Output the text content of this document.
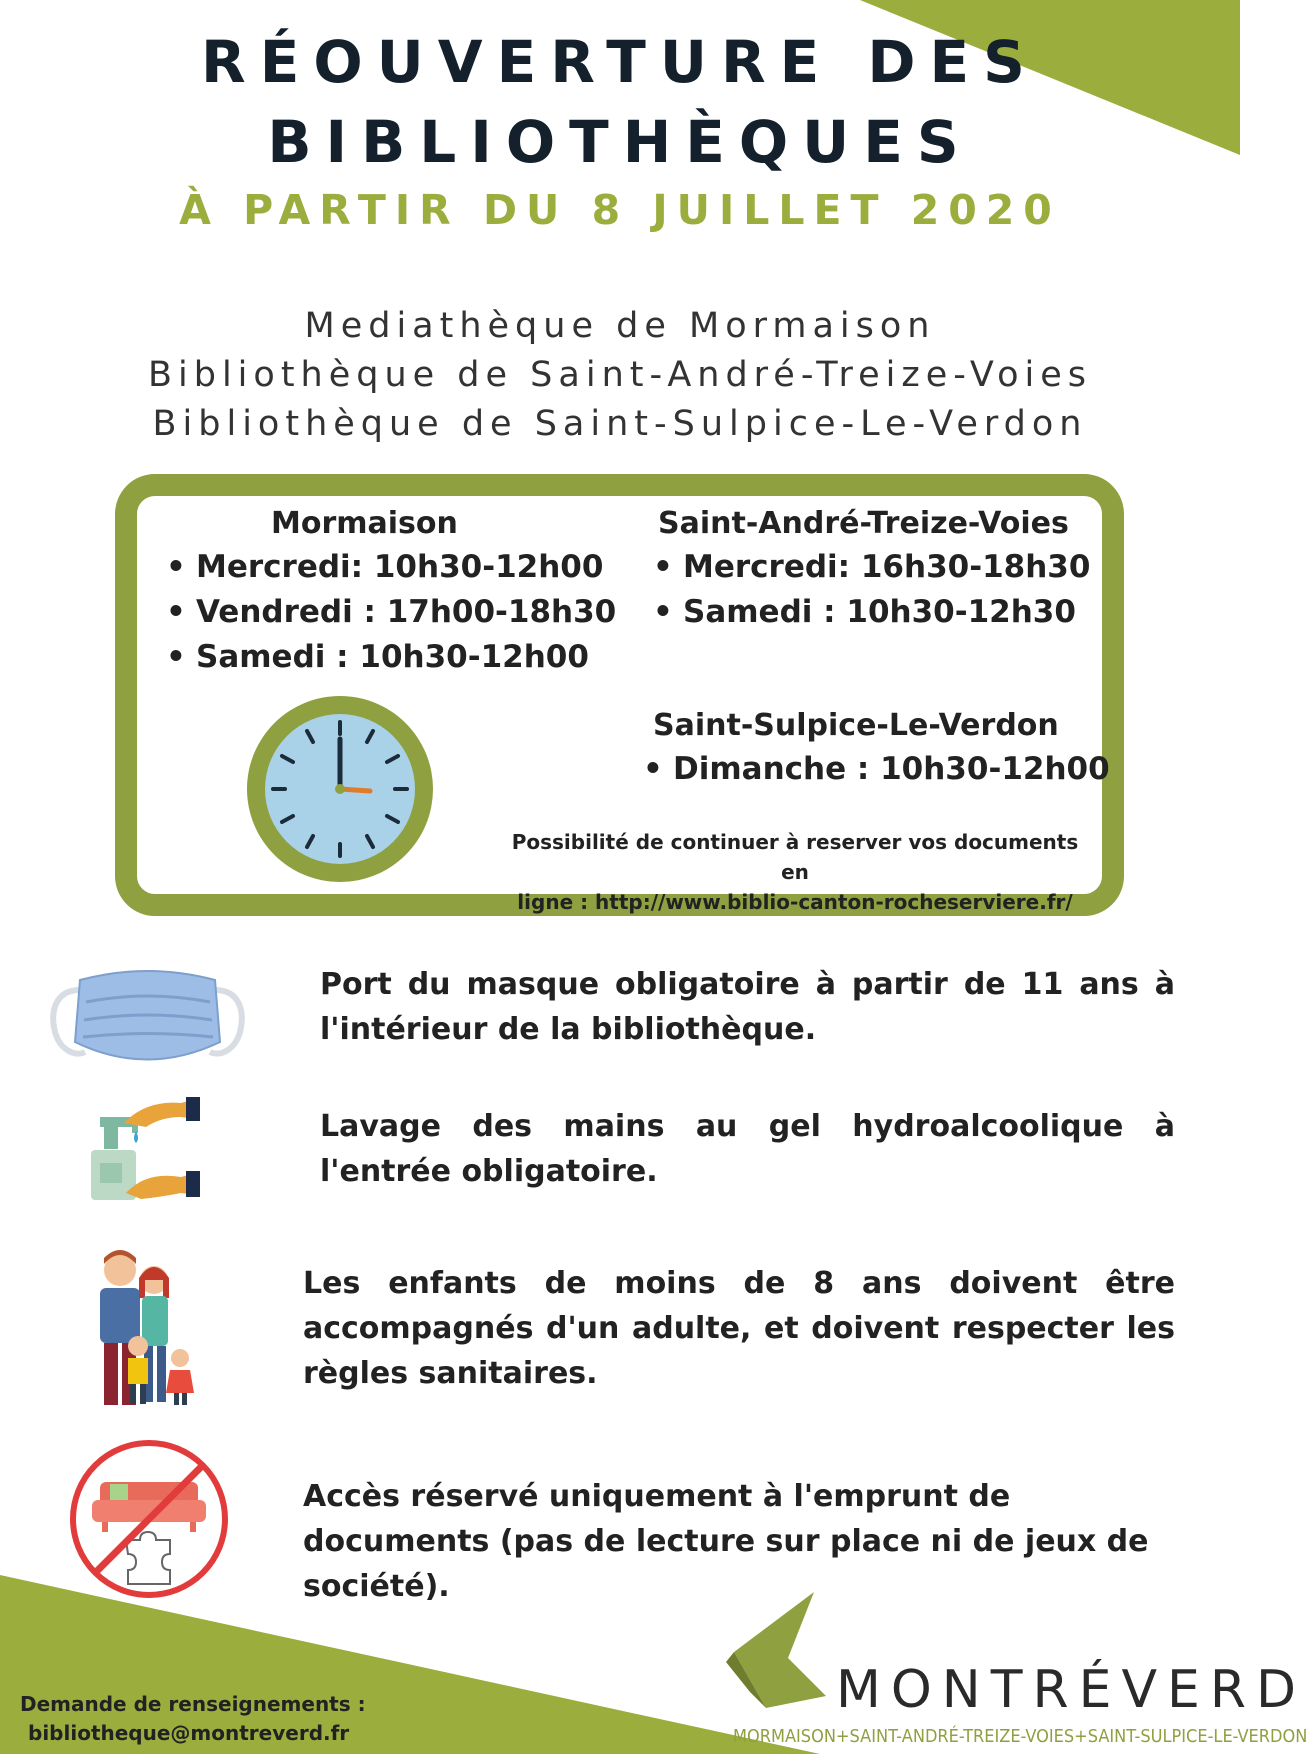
RÉOUVERTURE DES
BIBLIOTHÈQUES
À PARTIR DU 8 JUILLET 2020
Mediathèque de Mormaison
Bibliothèque de Saint-André-Treize-Voies
Bibliothèque de Saint-Sulpice-Le-Verdon
Mormaison
• Mercredi: 10h30-12h00
• Vendredi : 17h00-18h30
• Samedi : 10h30-12h00
Saint-André-Treize-Voies
• Mercredi: 16h30-18h30
• Samedi : 10h30-12h30
Saint-Sulpice-Le-Verdon
• Dimanche : 10h30-12h00
Possibilité de continuer à reserver vos documents en
ligne : http://www.biblio-canton-rocheserviere.fr/
Port du masque obligatoire à partir de 11 ans à l'intérieur de la bibliothèque.
Lavage des mains au gel hydroalcoolique à l'entrée obligatoire.
Les enfants de moins de 8 ans doivent être accompagnés d'un adulte, et doivent respecter les règles sanitaires.
Accès réservé uniquement à l'emprunt de documents (pas de lecture sur place ni de jeux de société).
Demande de renseignements :
bibliotheque@montreverd.fr
MONTRÉVERD
MORMAISON+SAINT-ANDRÉ-TREIZE-VOIES+SAINT-SULPICE-LE-VERDON
